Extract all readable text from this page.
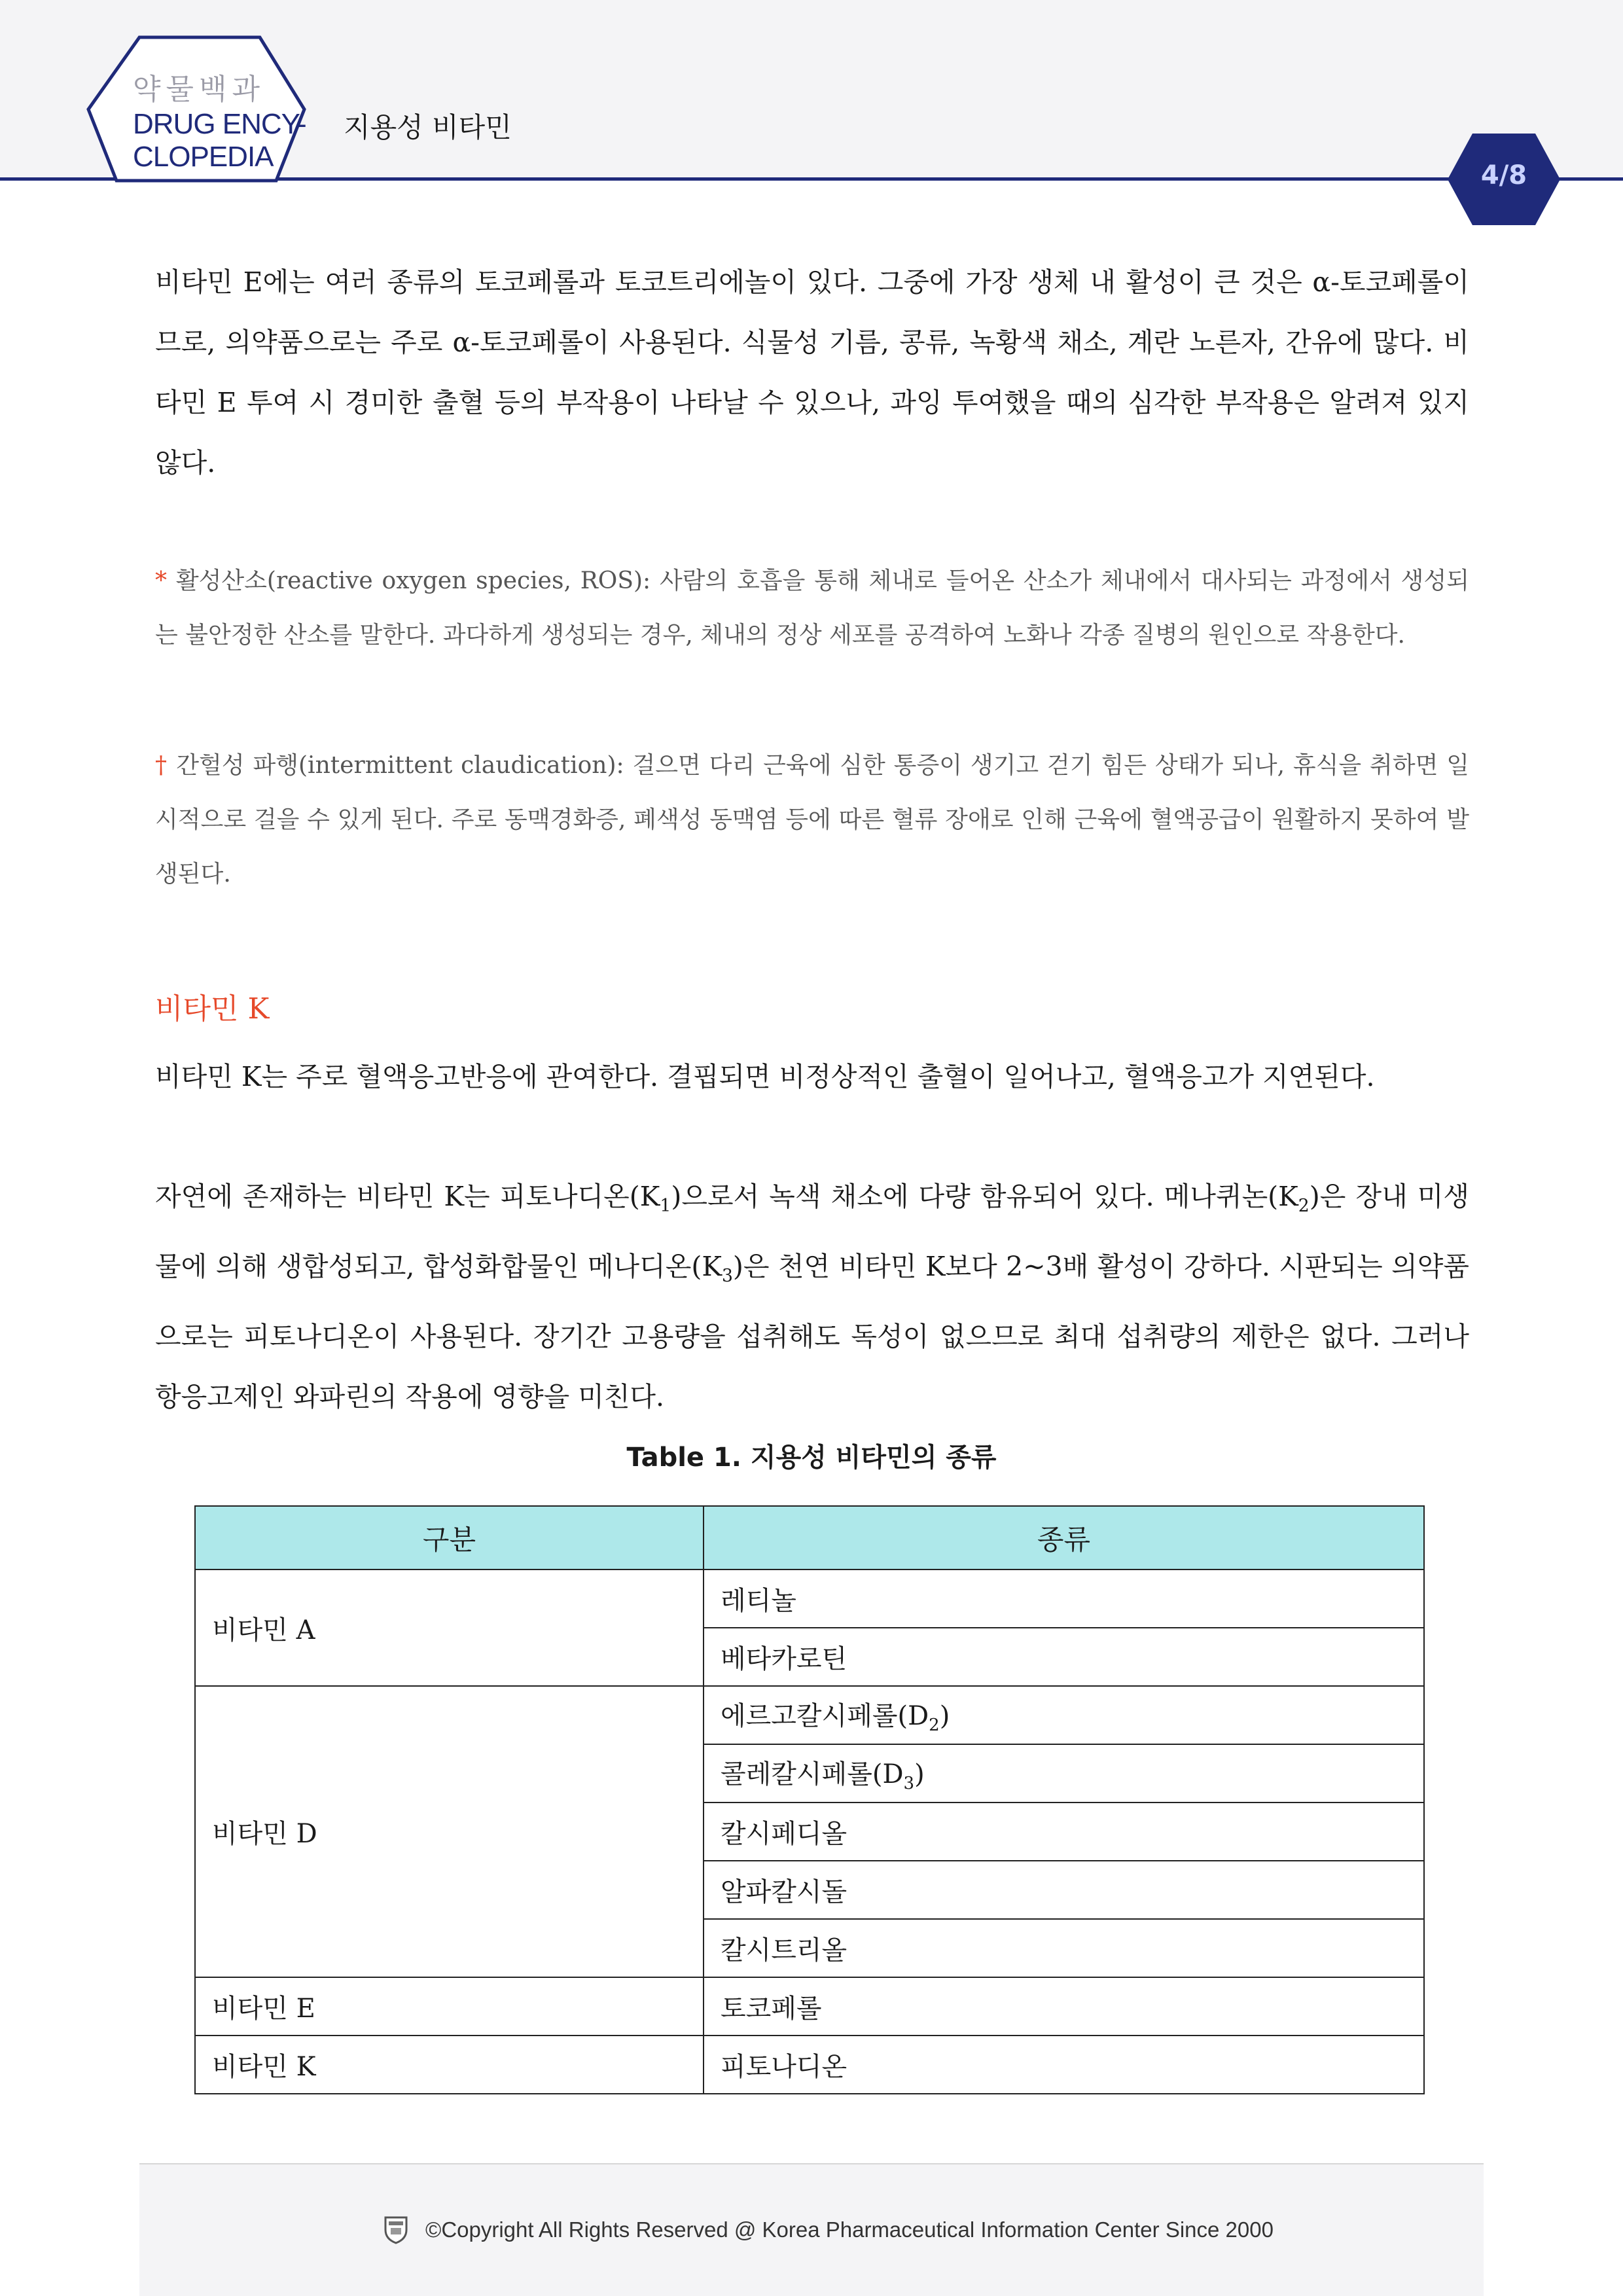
약물백과
DRUG ENCY-
CLOPEDIA
지용성 비타민
4/8
비타민 E에는 여러 종류의 토코페롤과 토코트리에놀이 있다. 그중에 가장 생체 내 활성이 큰 것은 α-토코페롤이므로, 의약품으로는 주로 α-토코페롤이 사용된다. 식물성 기름, 콩류, 녹황색 채소, 계란 노른자, 간유에 많다. 비타민 E 투여 시 경미한 출혈 등의 부작용이 나타날 수 있으나, 과잉 투여했을 때의 심각한 부작용은 알려져 있지 않다.
* 활성산소(reactive oxygen species, ROS): 사람의 호흡을 통해 체내로 들어온 산소가 체내에서 대사되는 과정에서 생성되는 불안정한 산소를 말한다. 과다하게 생성되는 경우, 체내의 정상 세포를 공격하여 노화나 각종 질병의 원인으로 작용한다.
† 간헐성 파행(intermittent claudication): 걸으면 다리 근육에 심한 통증이 생기고 걷기 힘든 상태가 되나, 휴식을 취하면 일시적으로 걸을 수 있게 된다. 주로 동맥경화증, 폐색성 동맥염 등에 따른 혈류 장애로 인해 근육에 혈액공급이 원활하지 못하여 발생된다.
비타민 K
비타민 K는 주로 혈액응고반응에 관여한다. 결핍되면 비정상적인 출혈이 일어나고, 혈액응고가 지연된다.
자연에 존재하는 비타민 K는 피토나디온$(K_1)$으로서 녹색 채소에 다량 함유되어 있다. 메나퀴논$(K_2)$은 장내 미생물에 의해 생합성되고, 합성화합물인 메나디온$(K_3)$은 천연 비타민 K보다 2~3배 활성이 강하다. 시판되는 의약품으로는 피토나디온이 사용된다. 장기간 고용량을 섭취해도 독성이 없으므로 최대 섭취량의 제한은 없다. 그러나 항응고제인 와파린의 작용에 영향을 미친다.
Table 1. 지용성 비타민의 종류
구분	종류
비타민 A	레티놀
	베타카로틴
비타민 D	에르고칼시페롤$(D_2)$
	콜레칼시페롤$(D_3)$
	칼시페디올
	알파칼시돌
	칼시트리올
비타민 E	토코페롤
비타민 K	피토나디온
©Copyright All Rights Reserved @ Korea Pharmaceutical Information Center Since 2000
